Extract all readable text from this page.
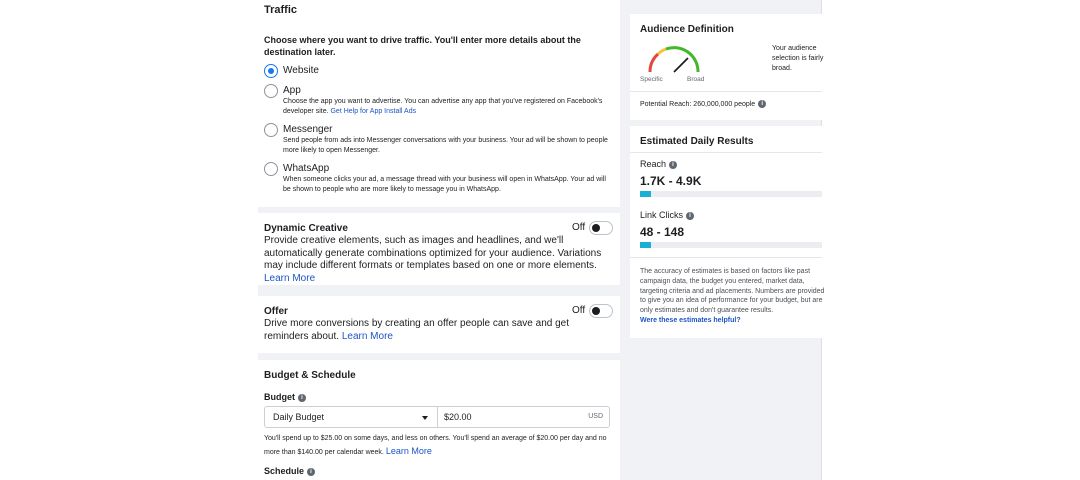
Traffic
Choose where you want to drive traffic. You'll enter more details about the destination later.
Website
App
Choose the app you want to advertise. You can advertise any app that you've registered on Facebook's developer site. Get Help for App Install Ads
Messenger
Send people from ads into Messenger conversations with your business. Your ad will be shown to people more likely to open Messenger.
WhatsApp
When someone clicks your ad, a message thread with your business will open in WhatsApp. Your ad will be shown to people who are more likely to message you in WhatsApp.
Dynamic Creative	Off
Provide creative elements, such as images and headlines, and we'll automatically generate combinations optimized for your audience. Variations may include different formats or templates based on one or more elements. Learn More
Offer	Off
Drive more conversions by creating an offer people can save and get reminders about. Learn More
Budget & Schedule
Budget i
Daily Budget	$20.00	USD
You'll spend up to $25.00 on some days, and less on others. You'll spend an average of $20.00 per day and no more than $140.00 per calendar week. Learn More
Schedule i
Audience Definition
Specific	Broad
Your audience selection is fairly broad.
Potential Reach: 260,000,000 people i
Estimated Daily Results
Reach i
1.7K - 4.9K
Link Clicks i
48 - 148
The accuracy of estimates is based on factors like past campaign data, the budget you entered, market data, targeting criteria and ad placements. Numbers are provided to give you an idea of performance for your budget, but are only estimates and don't guarantee results.
Were these estimates helpful?
